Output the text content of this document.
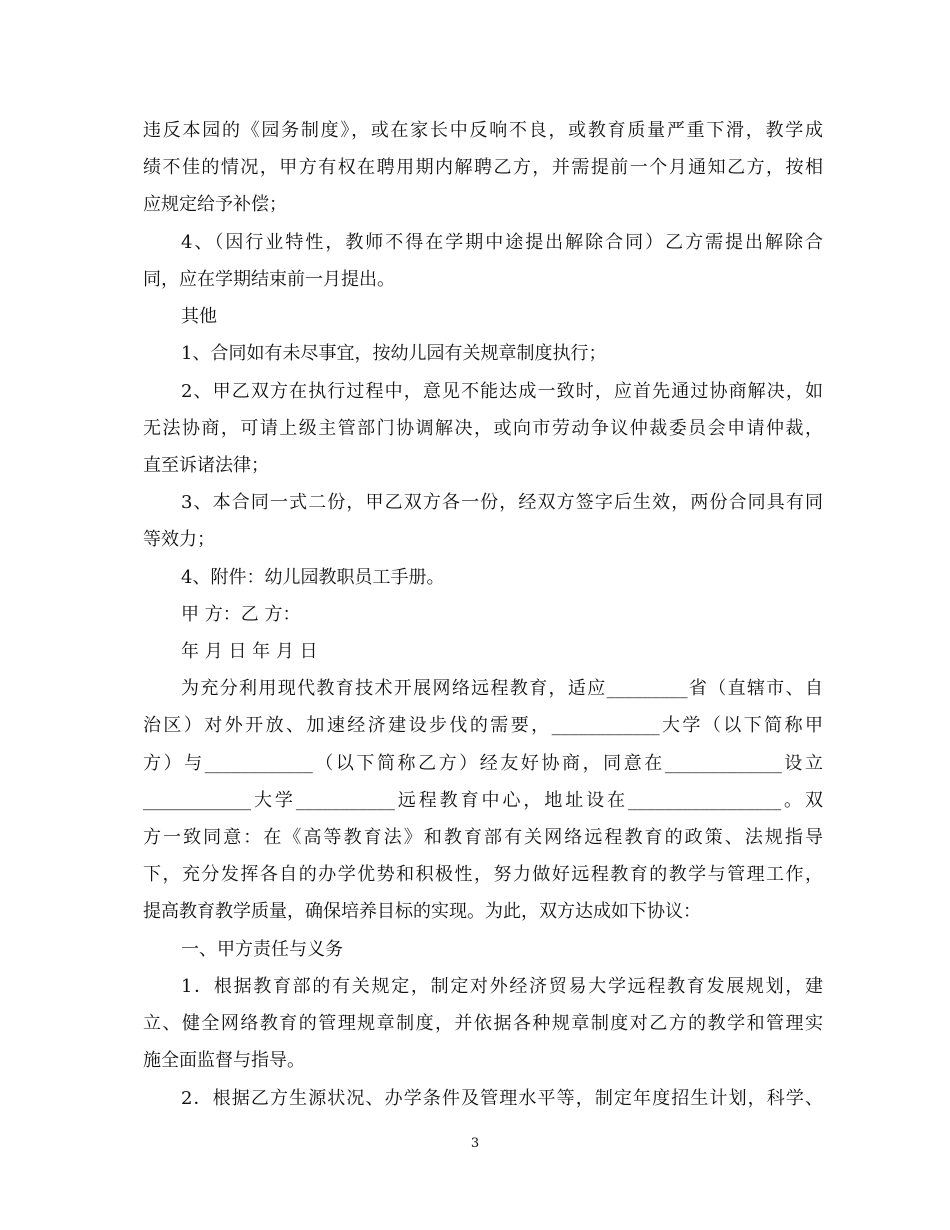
违反本园的《园务制度》，或在家长中反响不良，或教育质量严重下滑，教学成
绩不佳的情况，甲方有权在聘用期内解聘乙方，并需提前一个月通知乙方，按相
应规定给予补偿；
4、（因行业特性，教师不得在学期中途提出解除合同）乙方需提出解除合
同，应在学期结束前一月提出。
其他
1、合同如有未尽事宜，按幼儿园有关规章制度执行；
2、甲乙双方在执行过程中，意见不能达成一致时，应首先通过协商解决，如
无法协商，可请上级主管部门协调解决，或向市劳动争议仲裁委员会申请仲裁，
直至诉诸法律；
3、本合同一式二份，甲乙双方各一份，经双方签字后生效，两份合同具有同
等效力；
4、附件：幼儿园教职员工手册。
甲 方：乙 方：
年 月 日 年 月 日
为充分利用现代教育技术开展网络远程教育，适应_________省（直辖市、自
治区）对外开放、加速经济建设步伐的需要，____________大学（以下简称甲
方）与____________（以下简称乙方）经友好协商，同意在_____________设立
____________大学___________远程教育中心，地址设在_________________。双
方一致同意：在《高等教育法》和教育部有关网络远程教育的政策、法规指导
下，充分发挥各自的办学优势和积极性，努力做好远程教育的教学与管理工作，
提高教育教学质量，确保培养目标的实现。为此，双方达成如下协议：
一、甲方责任与义务
1．根据教育部的有关规定，制定对外经济贸易大学远程教育发展规划，建
立、健全网络教育的管理规章制度，并依据各种规章制度对乙方的教学和管理实
施全面监督与指导。
2．根据乙方生源状况、办学条件及管理水平等，制定年度招生计划，科学、
3
